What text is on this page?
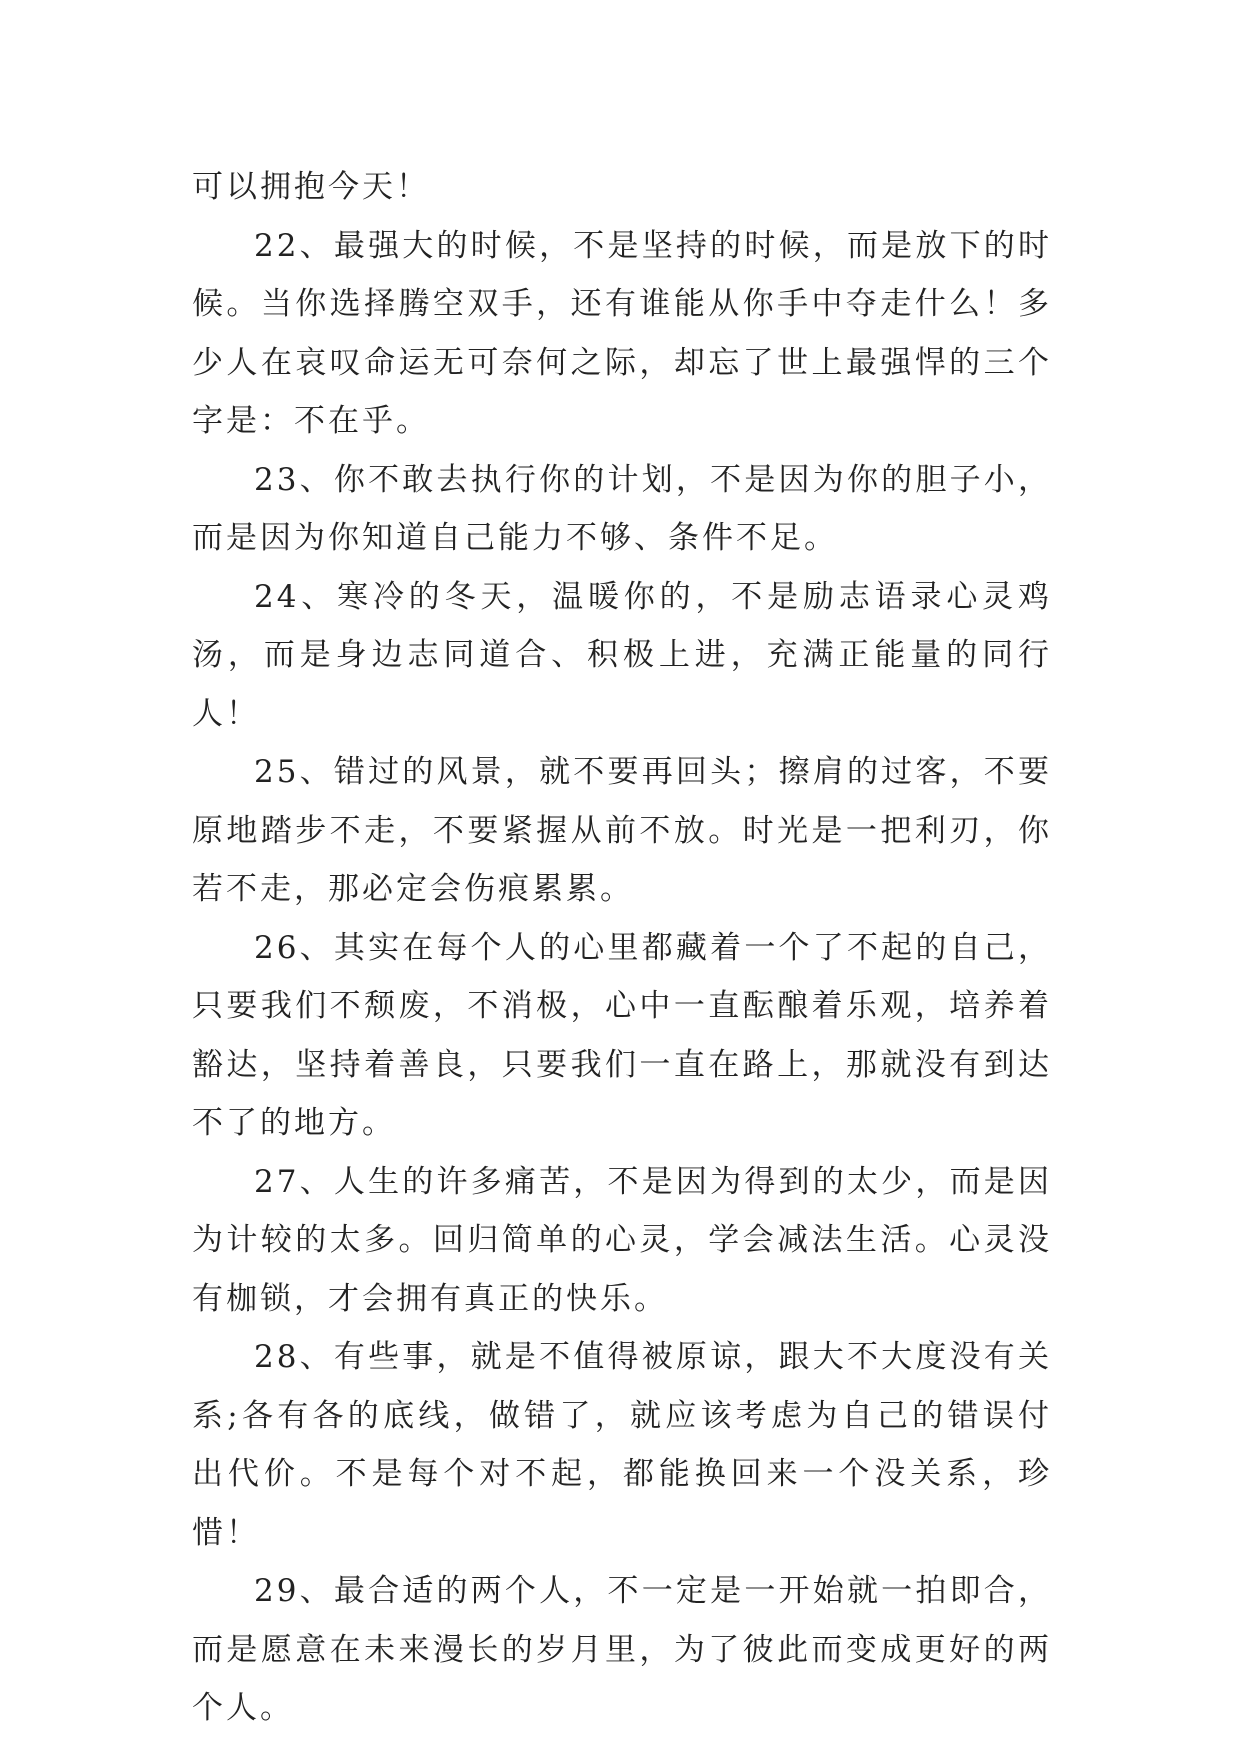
可以拥抱今天！

22、最强大的时候，不是坚持的时候，而是放下的时候。当你选择腾空双手，还有谁能从你手中夺走什么！多少人在哀叹命运无可奈何之际，却忘了世上最强悍的三个字是：不在乎。

23、你不敢去执行你的计划，不是因为你的胆子小，而是因为你知道自己能力不够、条件不足。

24、寒冷的冬天，温暖你的，不是励志语录心灵鸡汤，而是身边志同道合、积极上进，充满正能量的同行人！

25、错过的风景，就不要再回头；擦肩的过客，不要原地踏步不走，不要紧握从前不放。时光是一把利刃，你若不走，那必定会伤痕累累。

26、其实在每个人的心里都藏着一个了不起的自己，只要我们不颓废，不消极，心中一直酝酿着乐观，培养着豁达，坚持着善良，只要我们一直在路上，那就没有到达不了的地方。

27、人生的许多痛苦，不是因为得到的太少，而是因为计较的太多。回归简单的心灵，学会减法生活。心灵没有枷锁，才会拥有真正的快乐。

28、有些事，就是不值得被原谅，跟大不大度没有关系;各有各的底线，做错了，就应该考虑为自己的错误付出代价。不是每个对不起，都能换回来一个没关系，珍惜！

29、最合适的两个人，不一定是一开始就一拍即合，而是愿意在未来漫长的岁月里，为了彼此而变成更好的两个人。
